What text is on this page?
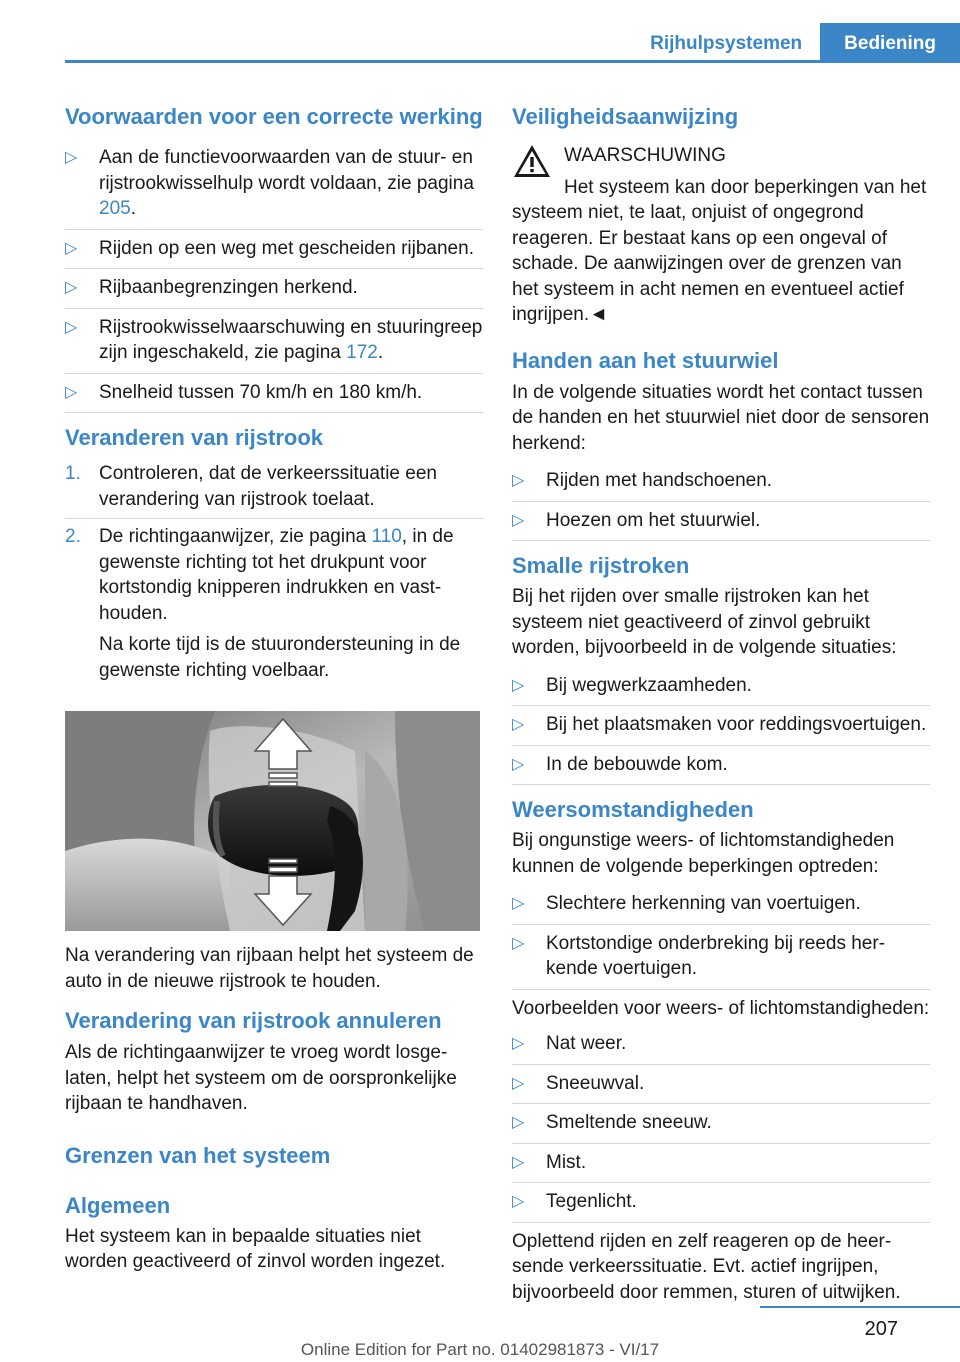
Rijhulpsystemen	Bediening
Voorwaarden voor een correcte werking
▷ Aan de functievoorwaarden van de stuur- en rijstrookwisselhulp wordt voldaan, zie pagina 205.
▷ Rijden op een weg met gescheiden rijbanen.
▷ Rijbaanbegrenzingen herkend.
▷ Rijstrookwisselwaarschuwing en stuuringreep zijn ingeschakeld, zie pagina 172.
▷ Snelheid tussen 70 km/h en 180 km/h.
Veranderen van rijstrook
1. Controleren, dat de verkeerssituatie een verandering van rijstrook toelaat.
2. De richtingaanwijzer, zie pagina 110, in de gewenste richting tot het drukpunt voor kortstondig knipperen indrukken en vasthouden.
Na korte tijd is de stuurondersteuning in de gewenste richting voelbaar.

Na verandering van rijbaan helpt het systeem de auto in de nieuwe rijstrook te houden.

Verandering van rijstrook annuleren

Als de richtingaanwijzer te vroeg wordt losgelaten, helpt het systeem om de oorspronkelijke rijbaan te handhaven.

Grenzen van het systeem
Algemeen

Het systeem kan in bepaalde situaties niet worden geactiveerd of zinvol worden ingezet.

Veiligheidsaanwijzing

WAARSCHUWING

Het systeem kan door beperkingen van het systeem niet, te laat, onjuist of ongegrond reageren. Er bestaat kans op een ongeval of schade. De aanwijzingen over de grenzen van het systeem in acht nemen en eventueel actief ingrijpen.◄

Handen aan het stuurwiel

In de volgende situaties wordt het contact tussen de handen en het stuurwiel niet door de sensoren herkend:

▷ Rijden met handschoenen.
▷ Hoezen om het stuurwiel.
Smalle rijstroken

Bij het rijden over smalle rijstroken kan het systeem niet geactiveerd of zinvol gebruikt worden, bijvoorbeeld in de volgende situaties:

▷ Bij wegwerkzaamheden.
▷ Bij het plaatsmaken voor reddingsvoertuigen.
▷ In de bebouwde kom.
Weersomstandigheden

Bij ongunstige weers- of lichtomstandigheden kunnen de volgende beperkingen optreden:

▷ Slechtere herkenning van voertuigen.
▷ Kortstondige onderbreking bij reeds herkende voertuigen.

Voorbeelden voor weers- of lichtomstandigheden:

▷ Nat weer.
▷ Sneeuwval.
▷ Smeltende sneeuw.
▷ Mist.
▷ Tegenlicht.

Oplettend rijden en zelf reageren op de heersende verkeerssituatie. Evt. actief ingrijpen, bijvoorbeeld door remmen, sturen of uitwijken.

207
Online Edition for Part no. 01402981873 - VI/17
